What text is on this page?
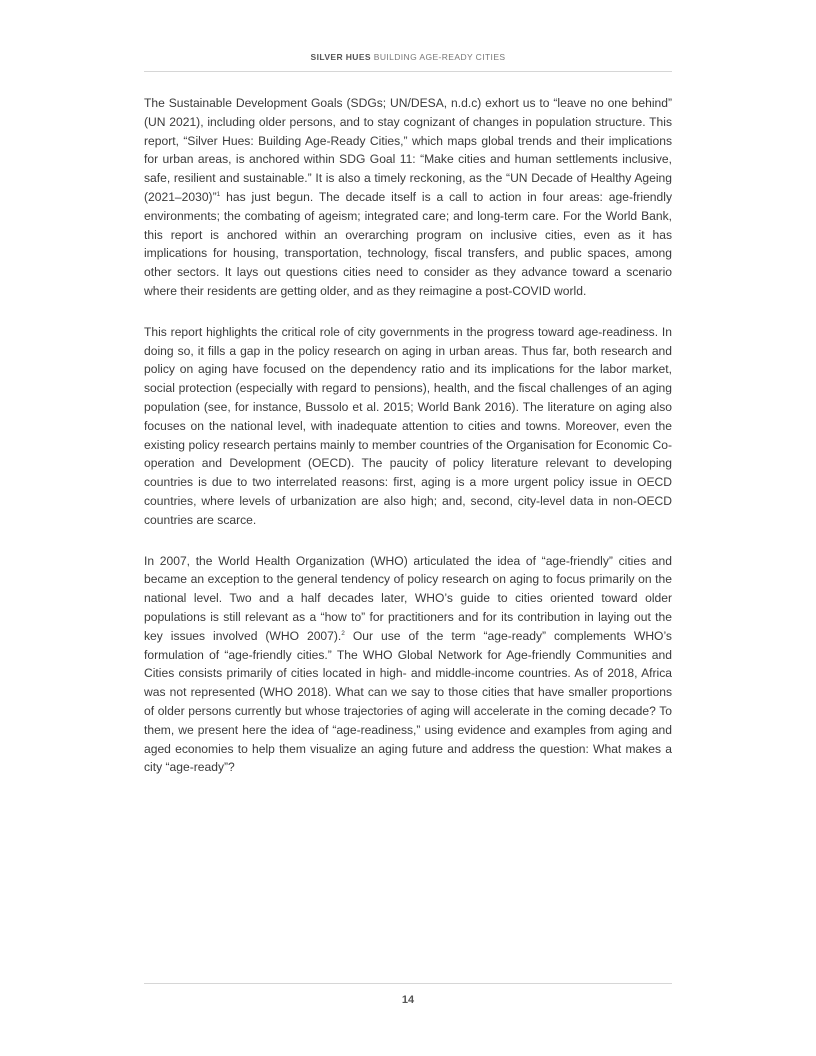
SILVER HUES BUILDING AGE-READY CITIES

The Sustainable Development Goals (SDGs; UN/DESA, n.d.c) exhort us to “leave no one behind” (UN 2021), including older persons, and to stay cognizant of changes in population structure. This report, “Silver Hues: Building Age-Ready Cities,” which maps global trends and their implications for urban areas, is anchored within SDG Goal 11: “Make cities and human settlements inclusive, safe, resilient and sustainable.” It is also a timely reckoning, as the “UN Decade of Healthy Ageing (2021–2030)”$^1$ has just begun. The decade itself is a call to action in four areas: age-friendly environments; the combating of ageism; integrated care; and long-term care. For the World Bank, this report is anchored within an overarching program on inclusive cities, even as it has implications for housing, transportation, technology, fiscal transfers, and public spaces, among other sectors. It lays out questions cities need to consider as they advance toward a scenario where their residents are getting older, and as they reimagine a post-COVID world.

This report highlights the critical role of city governments in the progress toward age-readiness. In doing so, it fills a gap in the policy research on aging in urban areas. Thus far, both research and policy on aging have focused on the dependency ratio and its implications for the labor market, social protection (especially with regard to pensions), health, and the fiscal challenges of an aging population (see, for instance, Bussolo et al. 2015; World Bank 2016). The literature on aging also focuses on the national level, with inadequate attention to cities and towns. Moreover, even the existing policy research pertains mainly to member countries of the Organisation for Economic Co-operation and Development (OECD). The paucity of policy literature relevant to developing countries is due to two interrelated reasons: first, aging is a more urgent policy issue in OECD countries, where levels of urbanization are also high; and, second, city-level data in non-OECD countries are scarce.

In 2007, the World Health Organization (WHO) articulated the idea of “age-friendly” cities and became an exception to the general tendency of policy research on aging to focus primarily on the national level. Two and a half decades later, WHO’s guide to cities oriented toward older populations is still relevant as a “how to” for practitioners and for its contribution in laying out the key issues involved (WHO 2007).$^2$ Our use of the term “age-ready” complements WHO’s formulation of “age-friendly cities.” The WHO Global Network for Age-friendly Communities and Cities consists primarily of cities located in high- and middle-income countries. As of 2018, Africa was not represented (WHO 2018). What can we say to those cities that have smaller proportions of older persons currently but whose trajectories of aging will accelerate in the coming decade? To them, we present here the idea of “age-readiness,” using evidence and examples from aging and aged economies to help them visualize an aging future and address the question: What makes a city “age-ready”?

14
